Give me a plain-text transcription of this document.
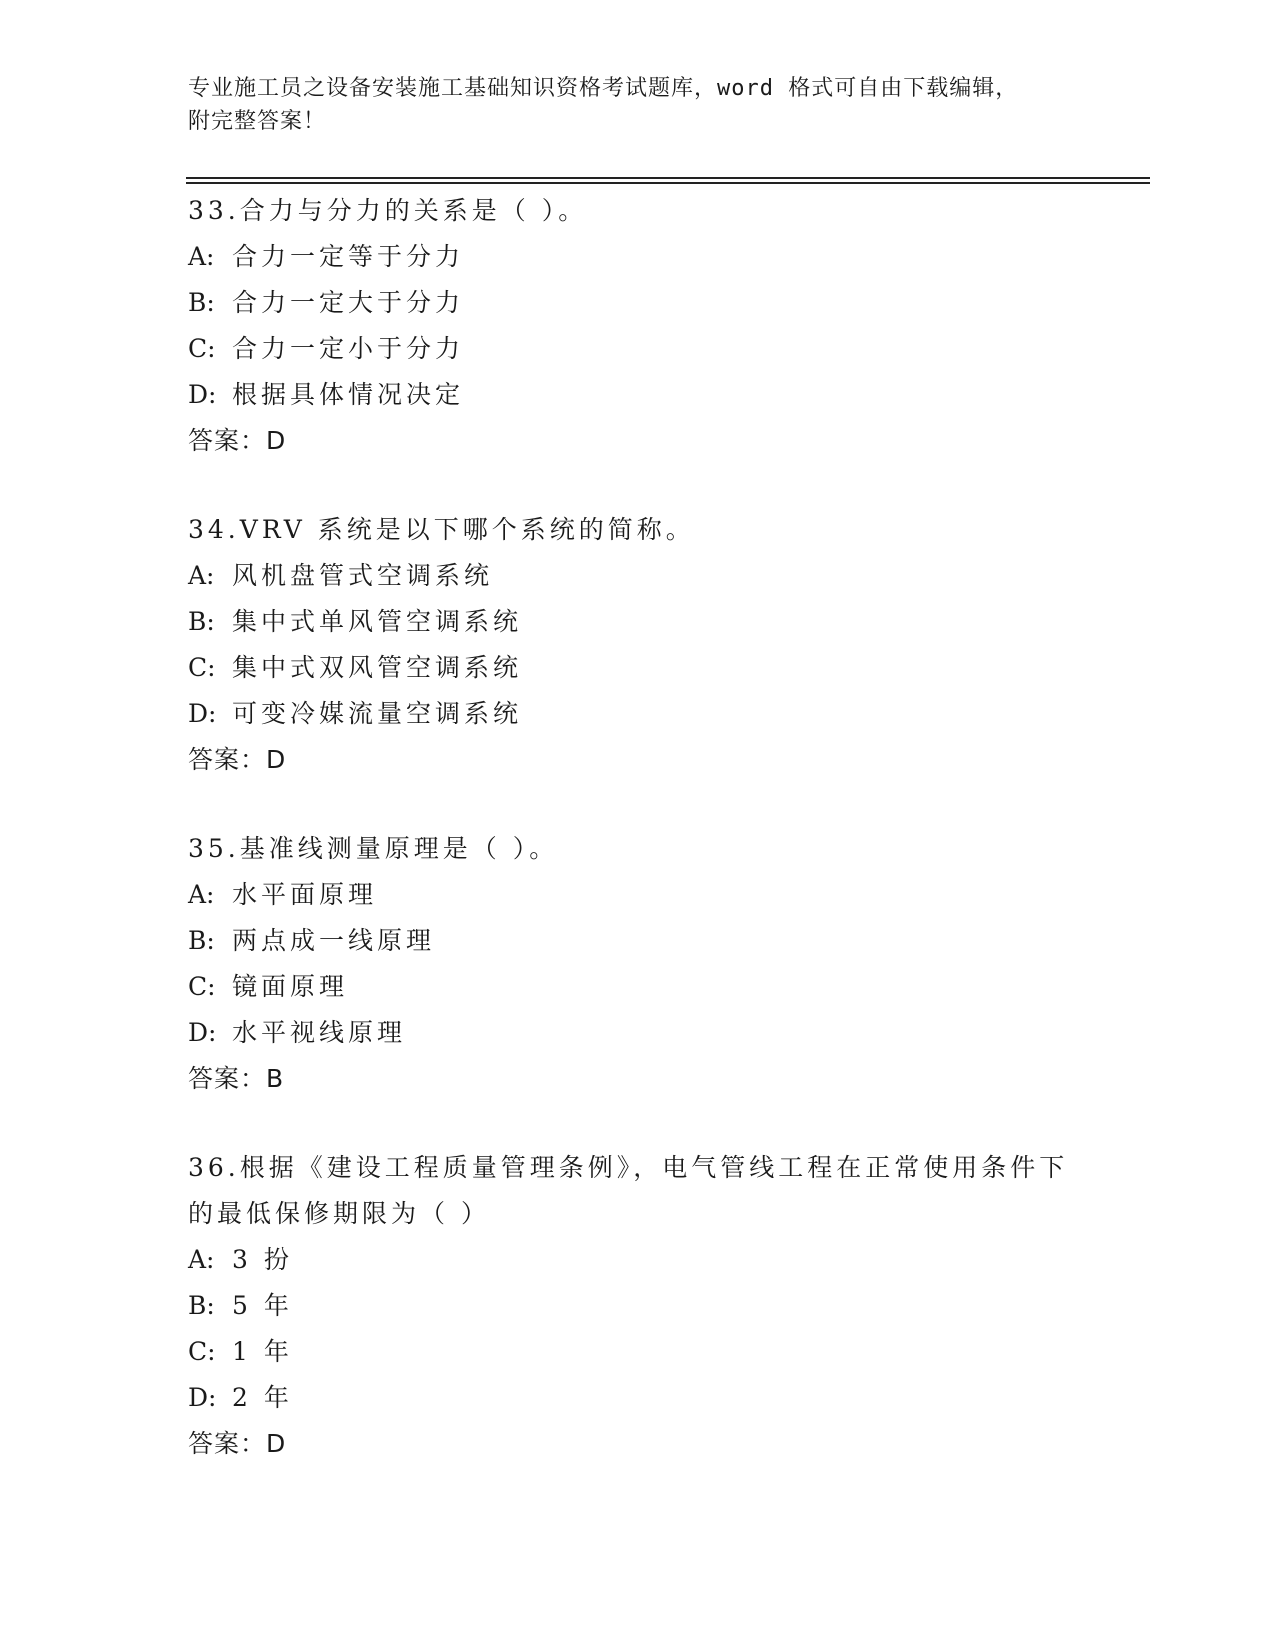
专业施工员之设备安装施工基础知识资格考试题库，word 格式可自由下载编辑，
附完整答案！
33.合力与分力的关系是（ ）。
A: 合力一定等于分力
B: 合力一定大于分力
C: 合力一定小于分力
D: 根据具体情况决定
答案：D
34.VRV 系统是以下哪个系统的简称。
A: 风机盘管式空调系统
B: 集中式单风管空调系统
C: 集中式双风管空调系统
D: 可变冷媒流量空调系统
答案：D
35.基准线测量原理是（ ）。
A: 水平面原理
B: 两点成一线原理
C: 镜面原理
D: 水平视线原理
答案：B
36.根据《建设工程质量管理条例》，电气管线工程在正常使用条件下
的最低保修期限为（ ）
A: 3 扮
B: 5 年
C: 1 年
D: 2 年
答案：D
